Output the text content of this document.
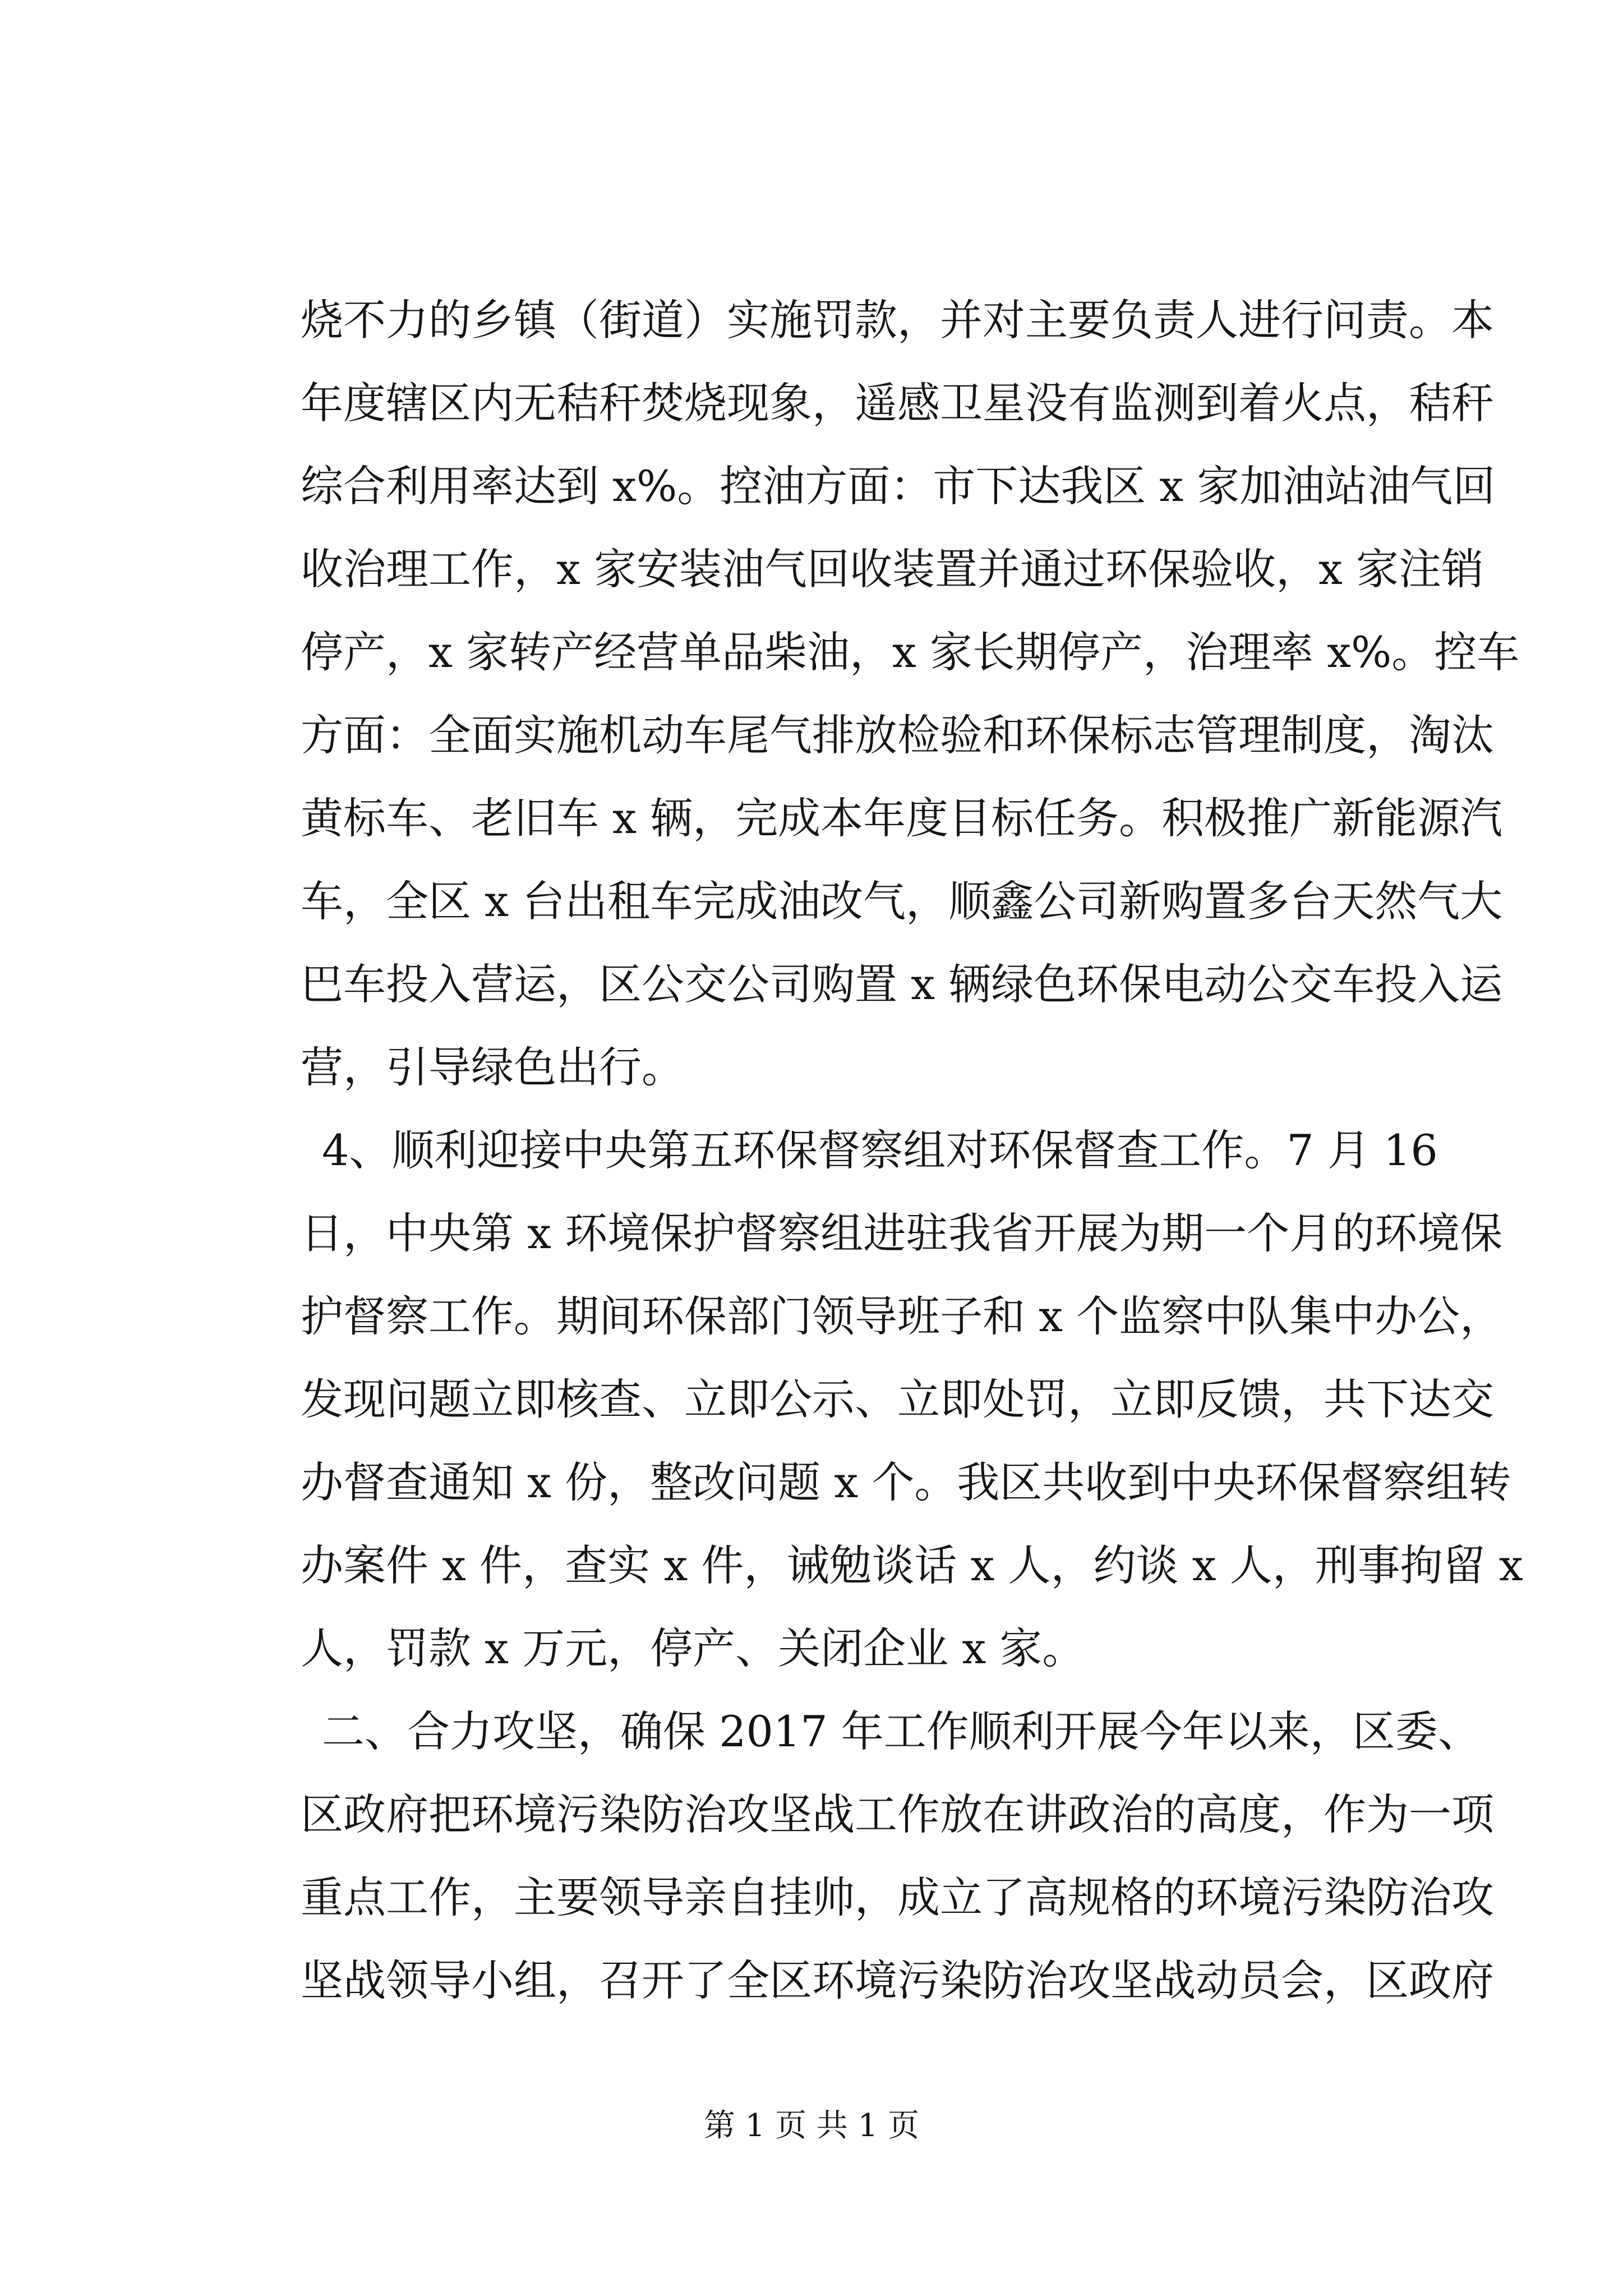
烧不力的乡镇（街道）实施罚款，并对主要负责人进行问责。本
年度辖区内无秸秆焚烧现象，遥感卫星没有监测到着火点，秸秆
综合利用率达到 x%。控油方面：市下达我区 x 家加油站油气回
收治理工作，x 家安装油气回收装置并通过环保验收，x 家注销
停产，x 家转产经营单品柴油，x 家长期停产，治理率 x%。控车
方面：全面实施机动车尾气排放检验和环保标志管理制度，淘汰
黄标车、老旧车 x 辆，完成本年度目标任务。积极推广新能源汽
车，全区 x 台出租车完成油改气，顺鑫公司新购置多台天然气大
巴车投入营运，区公交公司购置 x 辆绿色环保电动公交车投入运
营，引导绿色出行。
4、顺利迎接中央第五环保督察组对环保督查工作。7 月 16
日，中央第 x 环境保护督察组进驻我省开展为期一个月的环境保
护督察工作。期间环保部门领导班子和 x 个监察中队集中办公，
发现问题立即核查、立即公示、立即处罚，立即反馈，共下达交
办督查通知 x 份，整改问题 x 个。我区共收到中央环保督察组转
办案件 x 件，查实 x 件，诫勉谈话 x 人，约谈 x 人，刑事拘留 x
人，罚款 x 万元，停产、关闭企业 x 家。
二、合力攻坚，确保 2017 年工作顺利开展今年以来，区委、
区政府把环境污染防治攻坚战工作放在讲政治的高度，作为一项
重点工作，主要领导亲自挂帅，成立了高规格的环境污染防治攻
坚战领导小组，召开了全区环境污染防治攻坚战动员会，区政府
第 1 页 共 1 页
